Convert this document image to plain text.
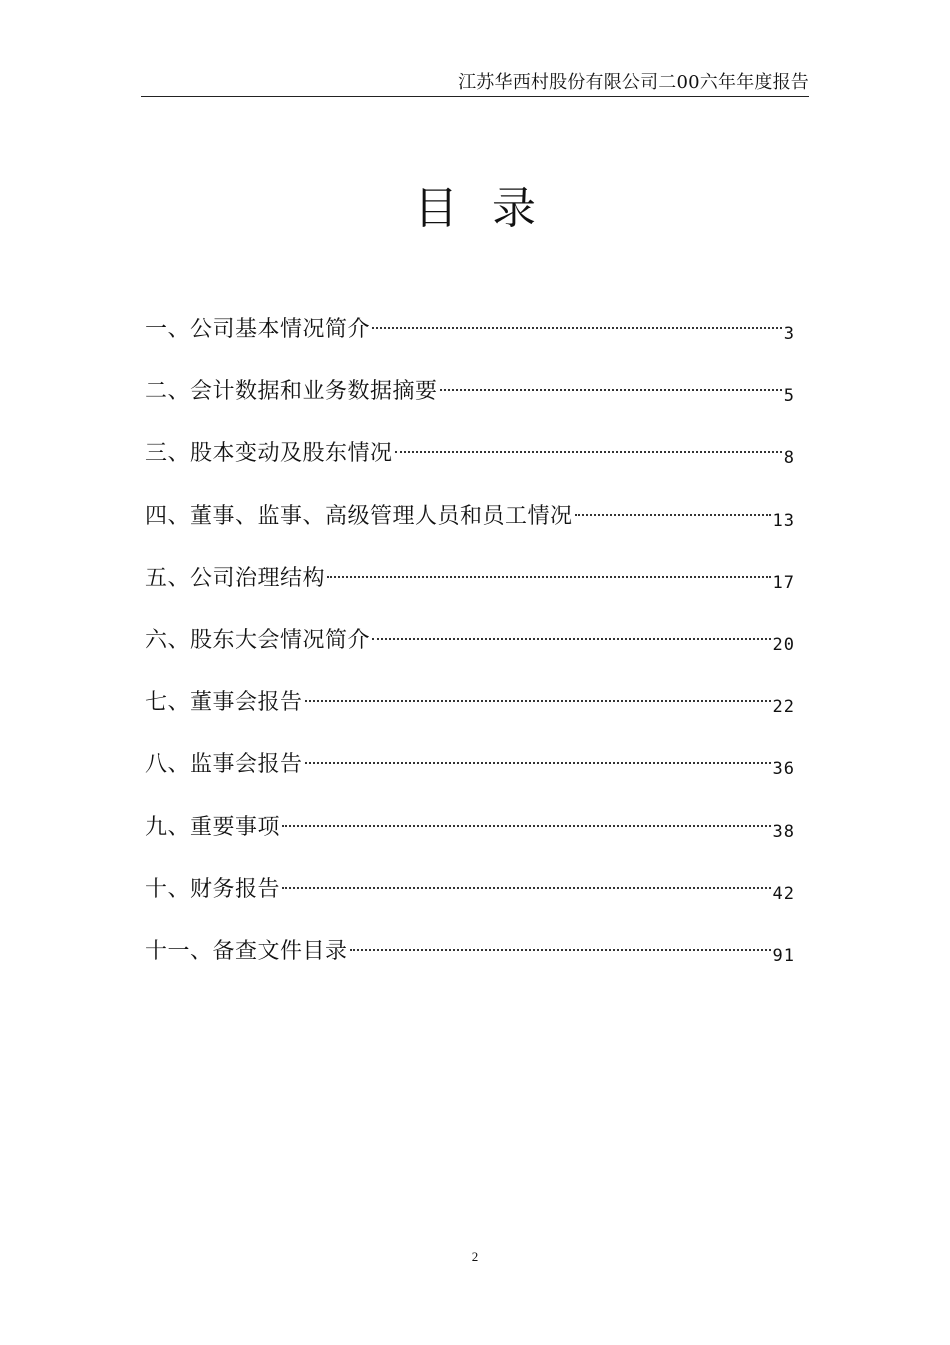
江苏华西村股份有限公司二00六年年度报告
目录
一、公司基本情况简介	3
二、会计数据和业务数据摘要	5
三、股本变动及股东情况	8
四、董事、监事、高级管理人员和员工情况	13
五、公司治理结构	17
六、股东大会情况简介	20
七、董事会报告	22
八、监事会报告	36
九、重要事项	38
十、财务报告	42
十一、备查文件目录	91
2
